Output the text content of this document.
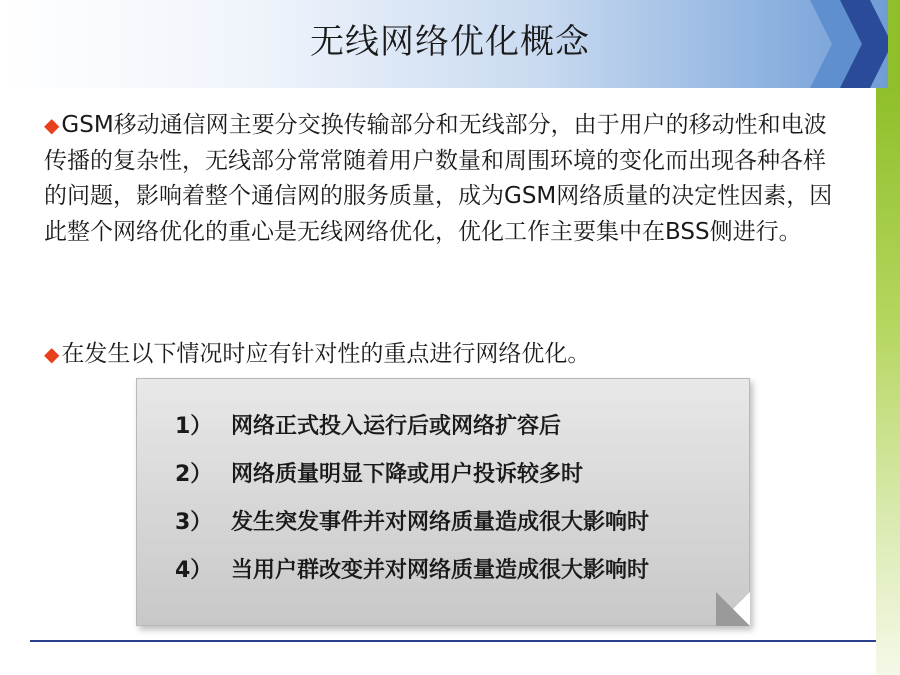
无线网络优化概念
◆GSM移动通信网主要分交换传输部分和无线部分，由于用户的移动性和电波传播的复杂性，无线部分常常随着用户数量和周围环境的变化而出现各种各样的问题，影响着整个通信网的服务质量，成为GSM网络质量的决定性因素，因此整个网络优化的重心是无线网络优化，优化工作主要集中在BSS侧进行。
◆在发生以下情况时应有针对性的重点进行网络优化。
1） 网络正式投入运行后或网络扩容后
2） 网络质量明显下降或用户投诉较多时
3） 发生突发事件并对网络质量造成很大影响时
4） 当用户群改变并对网络质量造成很大影响时
